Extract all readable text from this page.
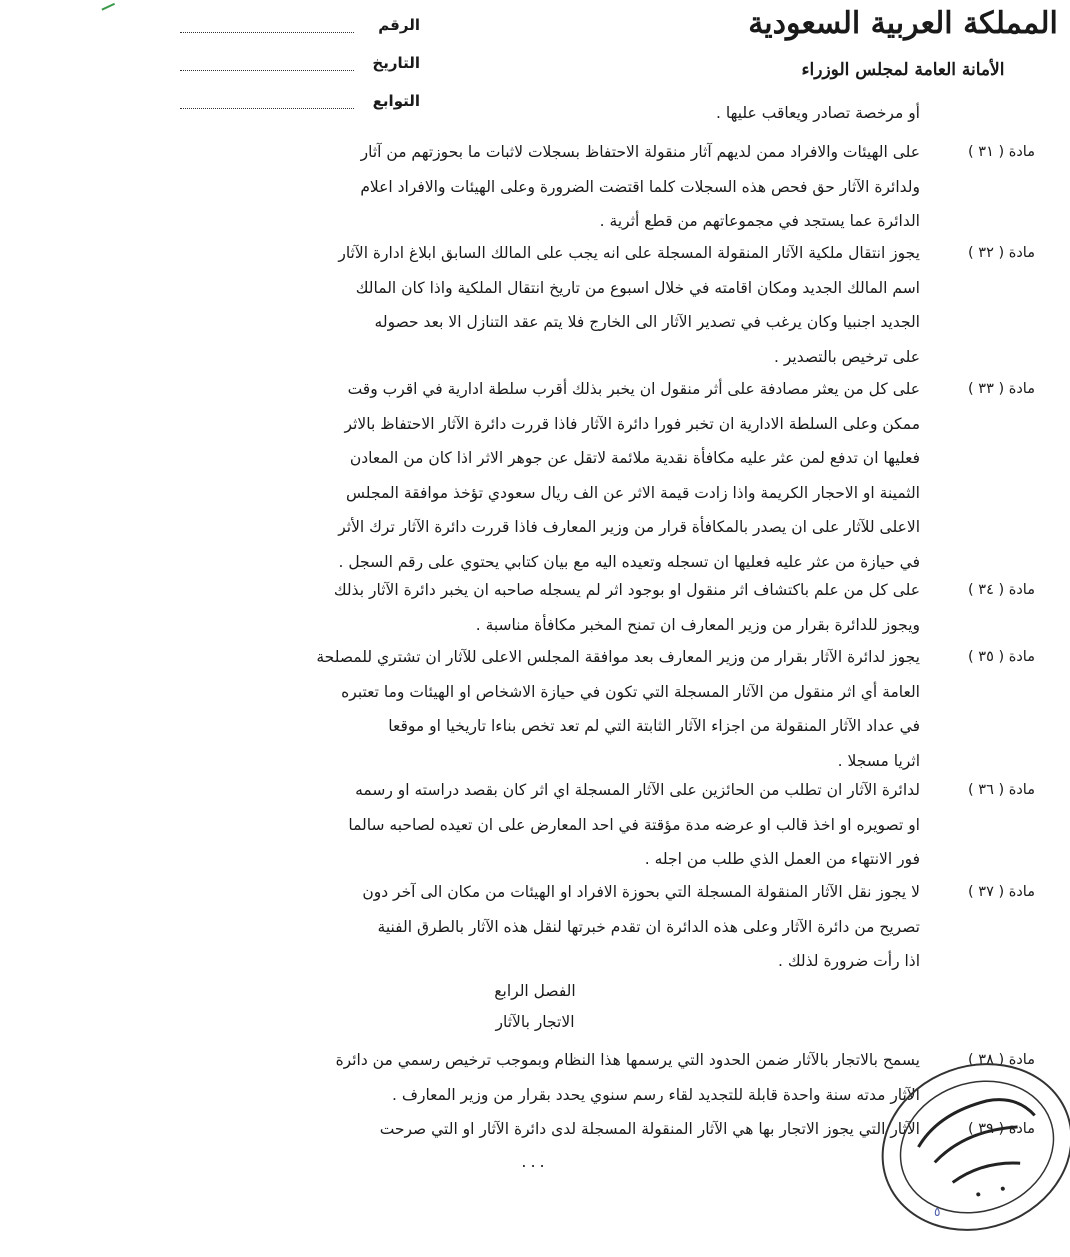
المملكة العربية السعودية
الأمانة العامة لمجلس الوزراء
الرقم
التاريخ
التوابع
أو مرخصة تصادر ويعاقب عليها .
مادة ( ٣١ )
على الهيئات والافراد ممن لديهم آثار منقولة الاحتفاظ بسجلات لاثبات ما بحوزتهم من آثار
ولدائرة الآثار حق فحص هذه السجلات كلما اقتضت الضرورة وعلى الهيئات والافراد اعلام
الدائرة عما يستجد في مجموعاتهم من قطع أثرية .
مادة ( ٣٢ )
يجوز انتقال ملكية الآثار المنقولة المسجلة على انه يجب على المالك السابق ابلاغ ادارة الآثار
اسم المالك الجديد ومكان اقامته في خلال اسبوع من تاريخ انتقال الملكية واذا كان المالك
الجديد اجنبيا وكان يرغب في تصدير الآثار الى الخارج فلا يتم عقد التنازل الا بعد حصوله
على ترخيص بالتصدير .
مادة ( ٣٣ )
على كل من يعثر مصادفة على أثر منقول ان يخبر بذلك أقرب سلطة ادارية في اقرب وقت
ممكن وعلى السلطة الادارية ان تخبر فورا دائرة الآثار فاذا قررت دائرة الآثار الاحتفاظ بالاثر
فعليها ان تدفع لمن عثر عليه مكافأة نقدية ملائمة لاتقل عن جوهر الاثر اذا كان من المعادن
الثمينة او الاحجار الكريمة واذا زادت قيمة الاثر عن الف ريال سعودي تؤخذ موافقة المجلس
الاعلى للآثار على ان يصدر بالمكافأة قرار من وزير المعارف فاذا قررت دائرة الآثار ترك الأثر
في حيازة من عثر عليه فعليها ان تسجله وتعيده اليه مع بيان كتابي يحتوي على رقم السجل .
مادة ( ٣٤ )
على كل من علم باكتشاف اثر منقول او بوجود اثر لم يسجله صاحبه ان يخبر دائرة الآثار بذلك
ويجوز للدائرة بقرار من وزير المعارف ان تمنح المخبر مكافأة مناسبة .
مادة ( ٣٥ )
يجوز لدائرة الآثار بقرار من وزير المعارف بعد موافقة المجلس الاعلى للآثار ان تشتري للمصلحة
العامة أي اثر منقول من الآثار المسجلة التي تكون في حيازة الاشخاص او الهيئات وما تعتبره
في عداد الآثار المنقولة من اجزاء الآثار الثابتة التي لم تعد تخص بناءا تاريخيا او موقعا
اثريا مسجلا .
مادة ( ٣٦ )
لدائرة الآثار ان تطلب من الحائزين على الآثار المسجلة اي اثر كان بقصد دراسته او رسمه
او تصويره او اخذ قالب او عرضه مدة مؤقتة في احد المعارض على ان تعيده لصاحبه سالما
فور الانتهاء من العمل الذي طلب من اجله .
مادة ( ٣٧ )
لا يجوز نقل الآثار المنقولة المسجلة التي بحوزة الافراد او الهيئات من مكان الى آخر دون
تصريح من دائرة الآثار وعلى هذه الدائرة ان تقدم خبرتها لنقل هذه الآثار بالطرق الفنية
اذا رأت ضرورة لذلك .
الفصل الرابع
الاتجار بالآثار
مادة ( ٣٨ )
يسمح بالاتجار بالآثار ضمن الحدود التي يرسمها هذا النظام وبموجب ترخيص رسمي من دائرة
الآثار مدته سنة واحدة قابلة للتجديد لقاء رسم سنوي يحدد بقرار من وزير المعارف .
مادة ( ٣٩ )
الآثار التي يجوز الاتجار بها هي الآثار المنقولة المسجلة لدى دائرة الآثار او التي صرحت
...
٥
